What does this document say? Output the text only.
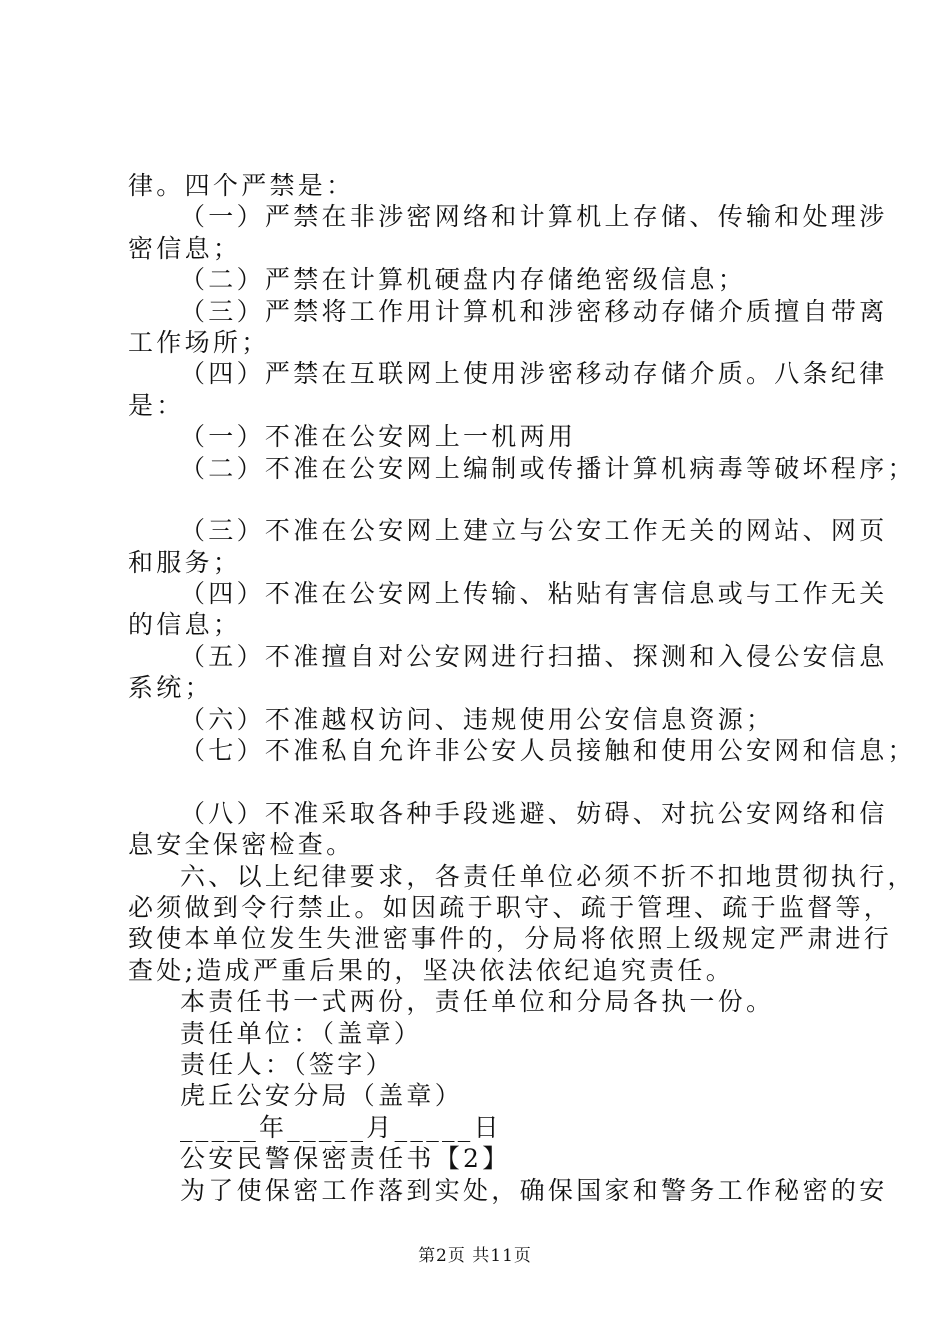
律。四个严禁是：
（一）严禁在非涉密网络和计算机上存储、传输和处理涉
密信息；
（二）严禁在计算机硬盘内存储绝密级信息；
（三）严禁将工作用计算机和涉密移动存储介质擅自带离
工作场所；
（四）严禁在互联网上使用涉密移动存储介质。八条纪律
是：
（一）不准在公安网上一机两用
（二）不准在公安网上编制或传播计算机病毒等破坏程序；
（三）不准在公安网上建立与公安工作无关的网站、网页
和服务；
（四）不准在公安网上传输、粘贴有害信息或与工作无关
的信息；
（五）不准擅自对公安网进行扫描、探测和入侵公安信息
系统；
（六）不准越权访问、违规使用公安信息资源；
（七）不准私自允许非公安人员接触和使用公安网和信息；
（八）不准采取各种手段逃避、妨碍、对抗公安网络和信
息安全保密检查。
六、以上纪律要求，各责任单位必须不折不扣地贯彻执行，
必须做到令行禁止。如因疏于职守、疏于管理、疏于监督等，
致使本单位发生失泄密事件的，分局将依照上级规定严肃进行
查处;造成严重后果的，坚决依法依纪追究责任。
本责任书一式两份，责任单位和分局各执一份。
责任单位：（盖章）
责任人：（签字）
虎丘公安分局（盖章）
_____年_____月_____日
公安民警保密责任书【2】
为了使保密工作落到实处，确保国家和警务工作秘密的安
第2页 共11页
